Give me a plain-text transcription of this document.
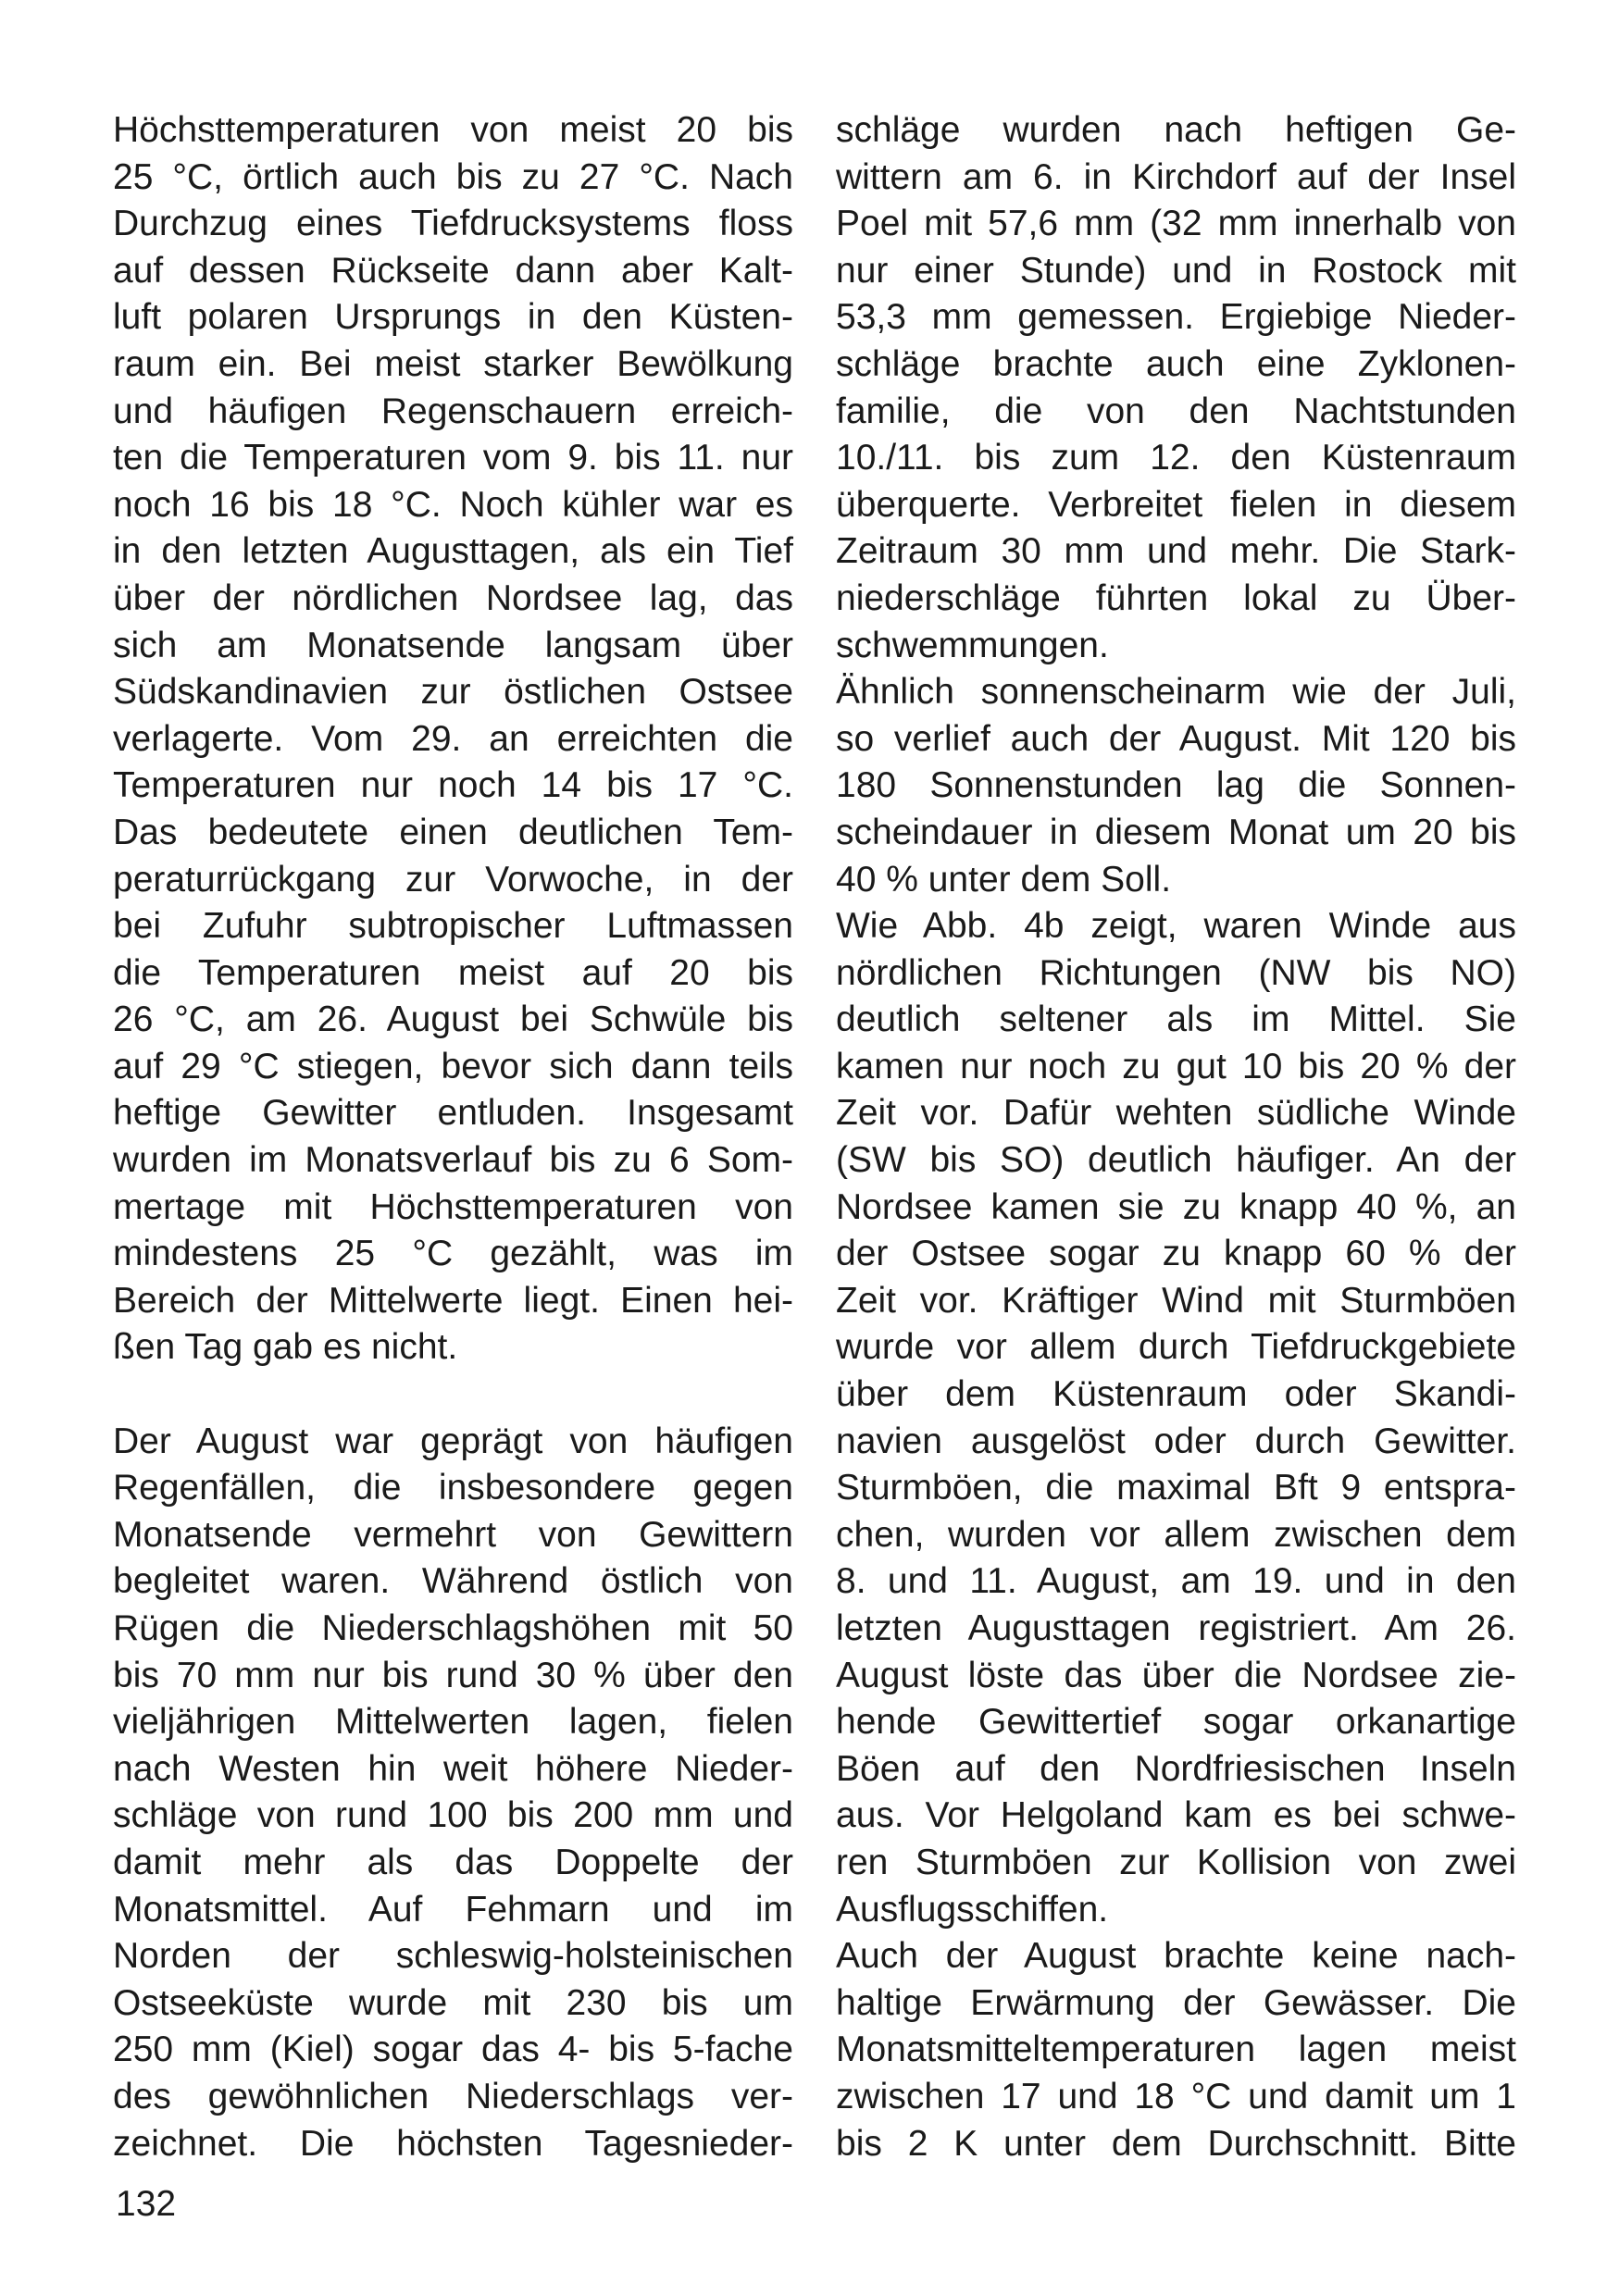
Höchsttemperaturen von meist 20 bis
25 °C, örtlich auch bis zu 27 °C. Nach
Durchzug eines Tiefdrucksystems floss
auf dessen Rückseite dann aber Kalt-
luft polaren Ursprungs in den Küsten-
raum ein. Bei meist starker Bewölkung
und häufigen Regenschauern erreich-
ten die Temperaturen vom 9. bis 11. nur
noch 16 bis 18 °C. Noch kühler war es
in den letzten Augusttagen, als ein Tief
über der nördlichen Nordsee lag, das
sich am Monatsende langsam über
Südskandinavien zur östlichen Ostsee
verlagerte. Vom 29. an erreichten die
Temperaturen nur noch 14 bis 17 °C.
Das bedeutete einen deutlichen Tem-
peraturrückgang zur Vorwoche, in der
bei Zufuhr subtropischer Luftmassen
die Temperaturen meist auf 20 bis
26 °C, am 26. August bei Schwüle bis
auf 29 °C stiegen, bevor sich dann teils
heftige Gewitter entluden. Insgesamt
wurden im Monatsverlauf bis zu 6 Som-
mertage mit Höchsttemperaturen von
mindestens 25 °C gezählt, was im
Bereich der Mittelwerte liegt. Einen hei-
ßen Tag gab es nicht.
Der August war geprägt von häufigen
Regenfällen, die insbesondere gegen
Monatsende vermehrt von Gewittern
begleitet waren. Während östlich von
Rügen die Niederschlagshöhen mit 50
bis 70 mm nur bis rund 30 % über den
vieljährigen Mittelwerten lagen, fielen
nach Westen hin weit höhere Nieder-
schläge von rund 100 bis 200 mm und
damit mehr als das Doppelte der
Monatsmittel. Auf Fehmarn und im
Norden der schleswig-holsteinischen
Ostseeküste wurde mit 230 bis um
250 mm (Kiel) sogar das 4- bis 5-fache
des gewöhnlichen Niederschlags ver-
zeichnet. Die höchsten Tagesnieder-
schläge wurden nach heftigen Ge-
wittern am 6. in Kirchdorf auf der Insel
Poel mit 57,6 mm (32 mm innerhalb von
nur einer Stunde) und in Rostock mit
53,3 mm gemessen. Ergiebige Nieder-
schläge brachte auch eine Zyklonen-
familie, die von den Nachtstunden
10./11. bis zum 12. den Küstenraum
überquerte. Verbreitet fielen in diesem
Zeitraum 30 mm und mehr. Die Stark-
niederschläge führten lokal zu Über-
schwemmungen.
Ähnlich sonnenscheinarm wie der Juli,
so verlief auch der August. Mit 120 bis
180 Sonnenstunden lag die Sonnen-
scheindauer in diesem Monat um 20 bis
40 % unter dem Soll.
Wie Abb. 4b zeigt, waren Winde aus
nördlichen Richtungen (NW bis NO)
deutlich seltener als im Mittel. Sie
kamen nur noch zu gut 10 bis 20 % der
Zeit vor. Dafür wehten südliche Winde
(SW bis SO) deutlich häufiger. An der
Nordsee kamen sie zu knapp 40 %, an
der Ostsee sogar zu knapp 60 % der
Zeit vor. Kräftiger Wind mit Sturmböen
wurde vor allem durch Tiefdruckgebiete
über dem Küstenraum oder Skandi-
navien ausgelöst oder durch Gewitter.
Sturmböen, die maximal Bft 9 entspra-
chen, wurden vor allem zwischen dem
8. und 11. August, am 19. und in den
letzten Augusttagen registriert. Am 26.
August löste das über die Nordsee zie-
hende Gewittertief sogar orkanartige
Böen auf den Nordfriesischen Inseln
aus. Vor Helgoland kam es bei schwe-
ren Sturmböen zur Kollision von zwei
Ausflugsschiffen.
Auch der August brachte keine nach-
haltige Erwärmung der Gewässer. Die
Monatsmitteltemperaturen lagen meist
zwischen 17 und 18 °C und damit um 1
bis 2 K unter dem Durchschnitt. Bitte
132
